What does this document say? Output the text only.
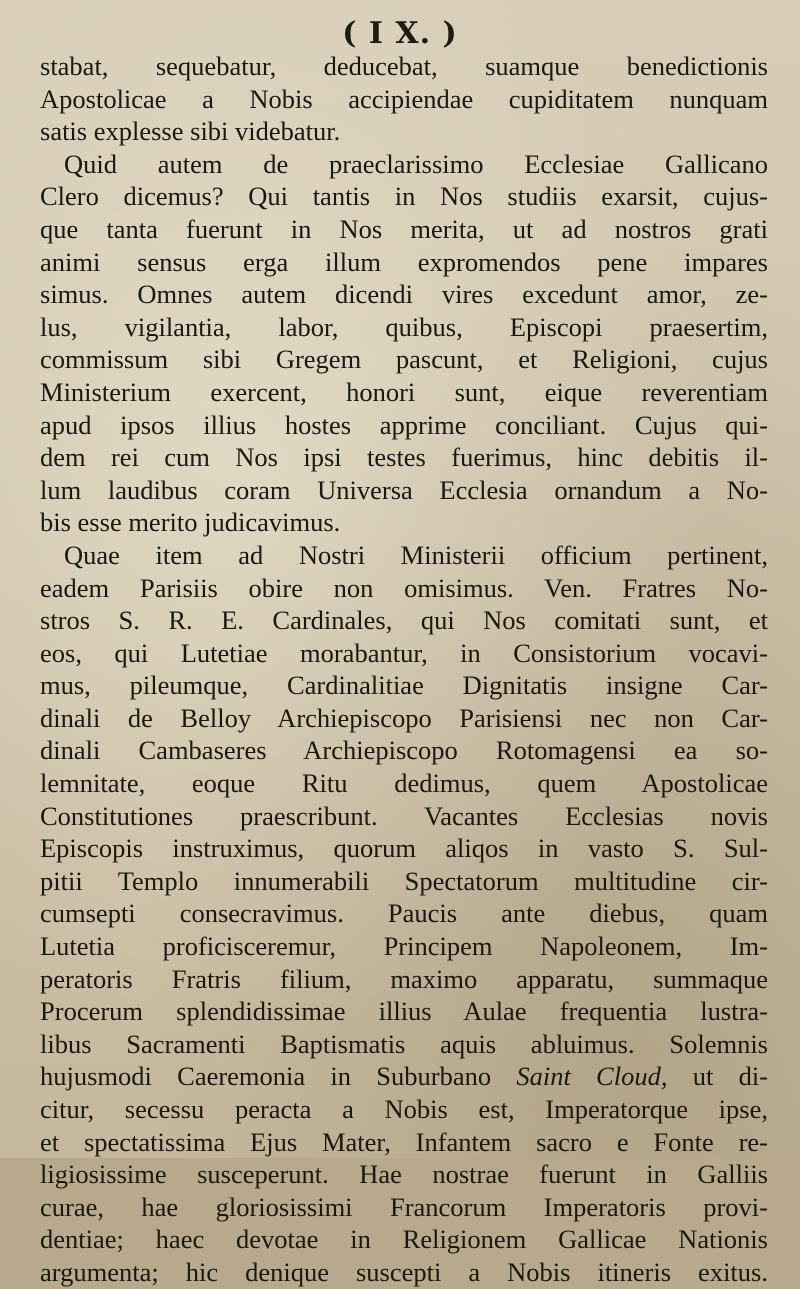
( I X. )
stabat, sequebatur, deducebat, suamque benedictionis
Apostolicae a Nobis accipiendae cupiditatem nunquam
satis explesse sibi videbatur.
Quid autem de praeclarissimo Ecclesiae Gallicano
Clero dicemus? Qui tantis in Nos studiis exarsit, cujus-
que tanta fuerunt in Nos merita, ut ad nostros grati
animi sensus erga illum expromendos pene impares
simus. Omnes autem dicendi vires excedunt amor, ze-
lus, vigilantia, labor, quibus, Episcopi praesertim,
commissum sibi Gregem pascunt, et Religioni, cujus
Ministerium exercent, honori sunt, eique reverentiam
apud ipsos illius hostes apprime conciliant. Cujus qui-
dem rei cum Nos ipsi testes fuerimus, hinc debitis il-
lum laudibus coram Universa Ecclesia ornandum a No-
bis esse merito judicavimus.
Quae item ad Nostri Ministerii officium pertinent,
eadem Parisiis obire non omisimus. Ven. Fratres No-
stros S. R. E. Cardinales, qui Nos comitati sunt, et
eos, qui Lutetiae morabantur, in Consistorium vocavi-
mus, pileumque, Cardinalitiae Dignitatis insigne Car-
dinali de Belloy Archiepiscopo Parisiensi nec non Car-
dinali Cambaseres Archiepiscopo Rotomagensi ea so-
lemnitate, eoque Ritu dedimus, quem Apostolicae
Constitutiones praescribunt. Vacantes Ecclesias novis
Episcopis instruximus, quorum aliqos in vasto S. Sul-
pitii Templo innumerabili Spectatorum multitudine cir-
cumsepti consecravimus. Paucis ante diebus, quam
Lutetia proficisceremur, Principem Napoleonem, Im-
peratoris Fratris filium, maximo apparatu, summaque
Procerum splendidissimae illius Aulae frequentia lustra-
libus Sacramenti Baptismatis aquis abluimus. Solemnis
hujusmodi Caeremonia in Suburbano Saint Cloud, ut di-
citur, secessu peracta a Nobis est, Imperatorque ipse,
et spectatissima Ejus Mater, Infantem sacro e Fonte re-
ligiosissime susceperunt. Hae nostrae fuerunt in Galliis
curae, hae gloriosissimi Francorum Imperatoris provi-
dentiae; haec devotae in Religionem Gallicae Nationis
argumenta; hic denique suscepti a Nobis itineris exitus.
